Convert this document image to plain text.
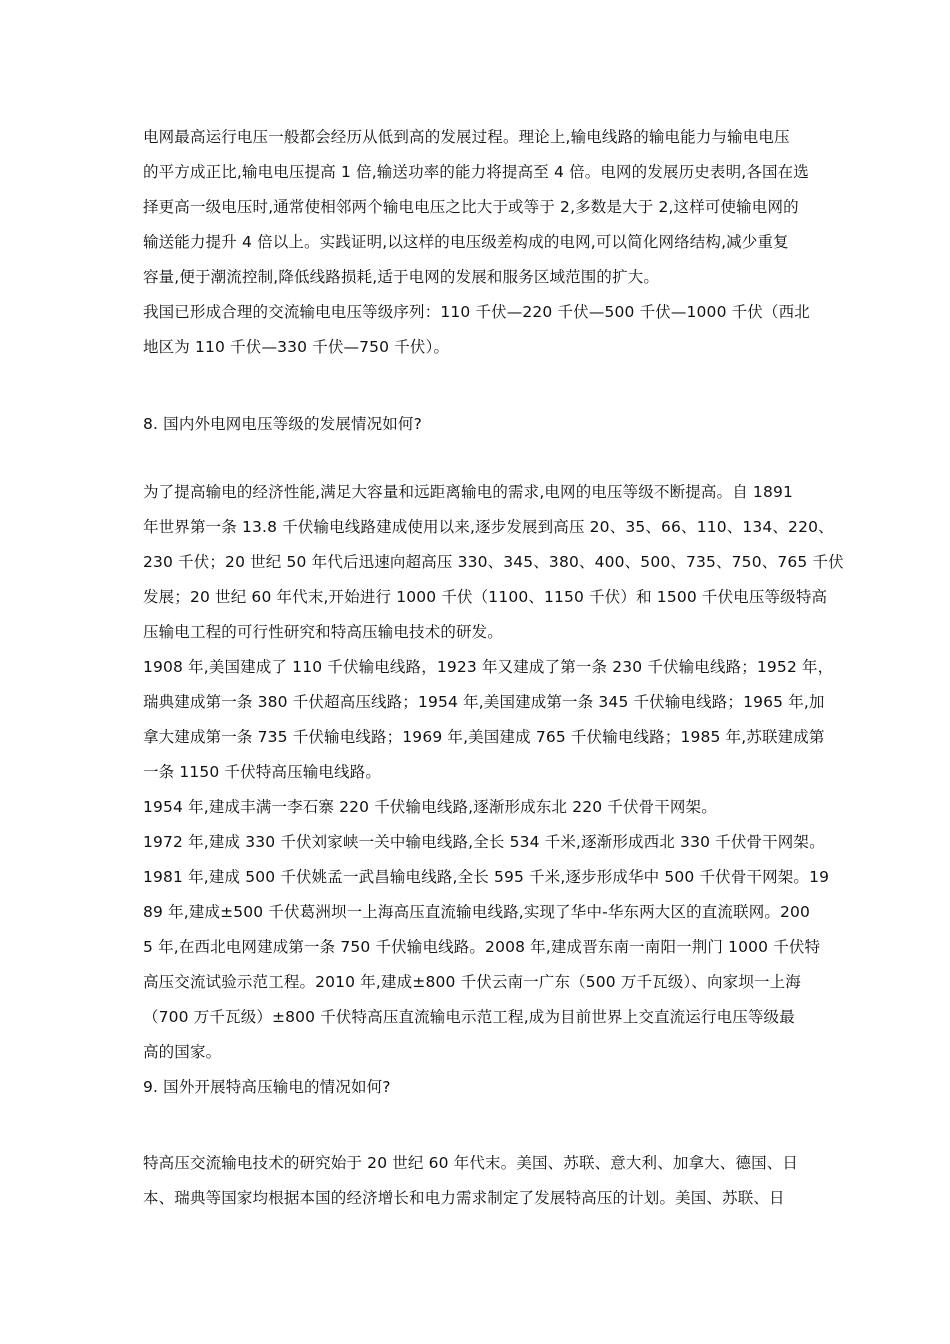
电网最高运行电压一般都会经历从低到高的发展过程。理论上,输电线路的输电能力与输电电压
的平方成正比,输电电压提高 1 倍,输送功率的能力将提高至 4 倍。电网的发展历史表明,各国在选
择更高一级电压时,通常使相邻两个输电电压之比大于或等于 2,多数是大于 2,这样可使输电网的
输送能力提升 4 倍以上。实践证明,以这样的电压级差构成的电网,可以简化网络结构,减少重复
容量,便于潮流控制,降低线路损耗,适于电网的发展和服务区域范围的扩大。
我国已形成合理的交流输电电压等级序列：110 千伏—220 千伏—500 千伏—1000 千伏（西北
地区为 110 千伏—330 千伏—750 千伏）。
8. 国内外电网电压等级的发展情况如何?
为了提高输电的经济性能,满足大容量和远距离输电的需求,电网的电压等级不断提高。自 1891
年世界第一条 13.8 千伏输电线路建成使用以来,逐步发展到高压 20、35、66、110、134、220、
230 千伏；20 世纪 50 年代后迅速向超高压 330、345、380、400、500、735、750、765 千伏
发展；20 世纪 60 年代末,开始进行 1000 千伏（1100、1150 千伏）和 1500 千伏电压等级特高
压输电工程的可行性研究和特高压输电技术的研发。
1908 年,美国建成了 110 千伏输电线路，1923 年又建成了第一条 230 千伏输电线路；1952 年，
瑞典建成第一条 380 千伏超高压线路；1954 年,美国建成第一条 345 千伏输电线路；1965 年,加
拿大建成第一条 735 千伏输电线路；1969 年,美国建成 765 千伏输电线路；1985 年,苏联建成第
一条 1150 千伏特高压输电线路。
1954 年,建成丰满一李石寨 220 千伏输电线路,逐渐形成东北 220 千伏骨干网架。
1972 年,建成 330 千伏刘家峡一关中输电线路,全长 534 千米,逐渐形成西北 330 千伏骨干网架。
1981 年,建成 500 千伏姚孟一武昌输电线路,全长 595 千米,逐步形成华中 500 千伏骨干网架。19
89 年,建成±500 千伏葛洲坝一上海高压直流输电线路,实现了华中-华东两大区的直流联网。200
5 年,在西北电网建成第一条 750 千伏输电线路。2008 年,建成晋东南一南阳一荆门 1000 千伏特
高压交流试验示范工程。2010 年,建成±800 千伏云南一广东（500 万千瓦级）、向家坝一上海
（700 万千瓦级）±800 千伏特高压直流输电示范工程,成为目前世界上交直流运行电压等级最
高的国家。
9. 国外开展特高压输电的情况如何?
特高压交流输电技术的研究始于 20 世纪 60 年代末。美国、苏联、意大利、加拿大、德国、日
本、瑞典等国家均根据本国的经济增长和电力需求制定了发展特高压的计划。美国、苏联、日
